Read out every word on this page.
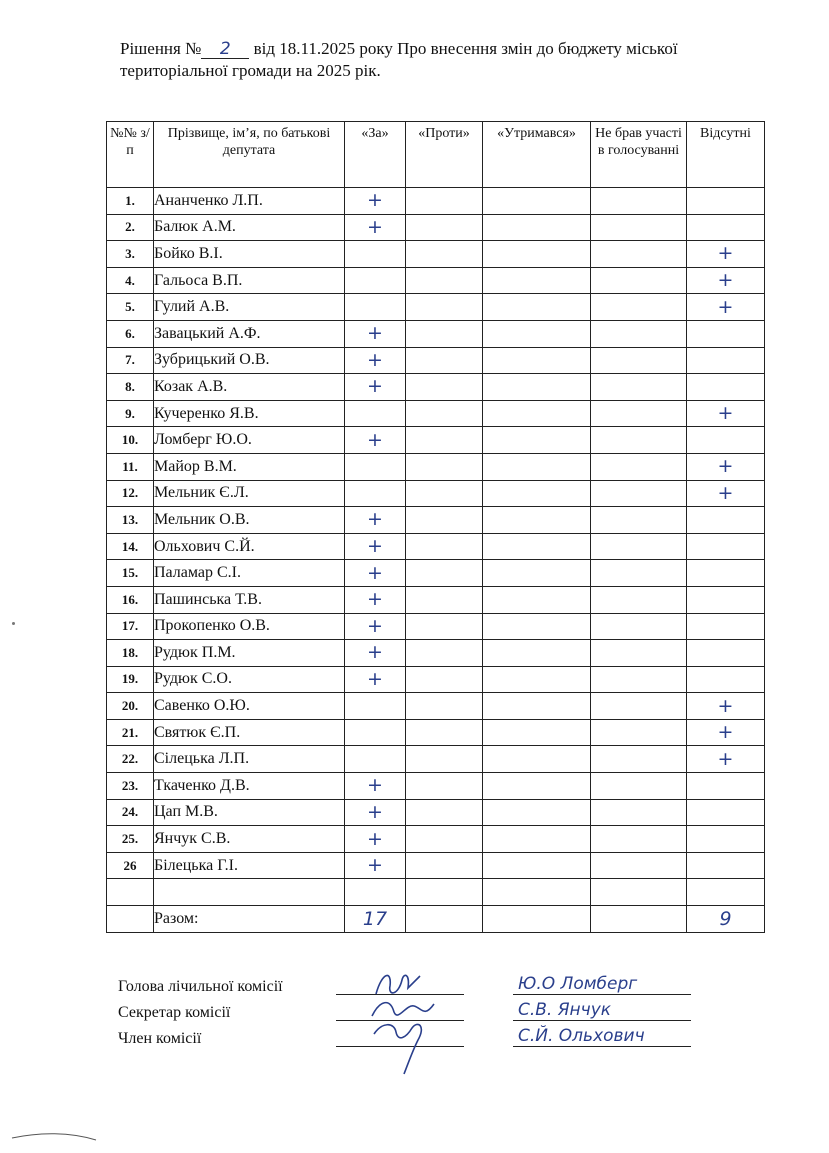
Рішення № 2 від 18.11.2025 року Про внесення змін до бюджету міської
територіальної громади на 2025 рік.
№№ з/п	Прізвище, ім’я, по батькові депутата	«За»	«Проти»	«Утримався»	Не брав участі в голосуванні	Відсутні
1.	Ананченко Л.П.	+				
2.	Балюк А.М.	+				
3.	Бойко В.І.					+
4.	Гальоса В.П.					+
5.	Гулий А.В.					+
6.	Завацький А.Ф.	+				
7.	Зубрицький О.В.	+				
8.	Козак А.В.	+				
9.	Кучеренко Я.В.					+
10.	Ломберг Ю.О.	+				
11.	Майор В.М.					+
12.	Мельник Є.Л.					+
13.	Мельник О.В.	+				
14.	Ольхович С.Й.	+				
15.	Паламар С.І.	+				
16.	Пашинська Т.В.	+				
17.	Прокопенко О.В.	+				
18.	Рудюк П.М.	+				
19.	Рудюк С.О.	+				
20.	Савенко О.Ю.					+
21.	Святюк Є.П.					+
22.	Сілецька Л.П.					+
23.	Ткаченко Д.В.	+				
24.	Цап М.В.	+				
25.	Янчук С.В.	+				
26	Білецька Г.І.	+				

	Разом:	17				9
Голова лічильної комісії	Ю.О Ломберг
Секретар комісії	С.В. Янчук
Член комісії	С.Й. Ольхович
